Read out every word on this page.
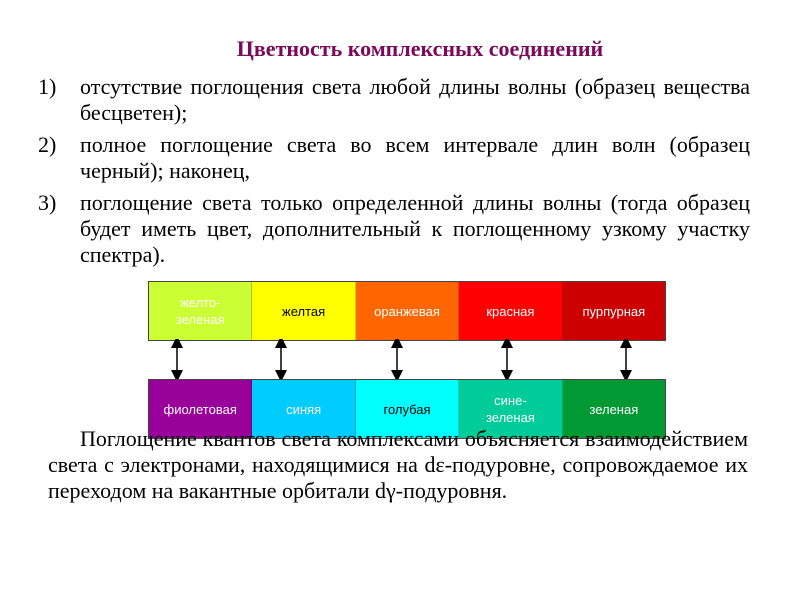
Цветность комплексных соединений
1) отсутствие поглощения света любой длины волны (образец вещества бесцветен);
2) полное поглощение света во всем интервале длин волн (образец черный); наконец,
3) поглощение света только определенной длины волны (тогда образец будет иметь цвет, дополнительный к поглощенному узкому участку спектра).
желто-
зеленая
желтая	оранжевая	красная	пурпурная
фиолетовая	синяя	голубая
сине-
зеленая
зеленая

Поглощение квантов света комплексами объясняется взаимодействием света с электронами, находящимися на dε-подуровне, сопровождаемое их переходом на вакантные орбитали dγ-подуровня.
